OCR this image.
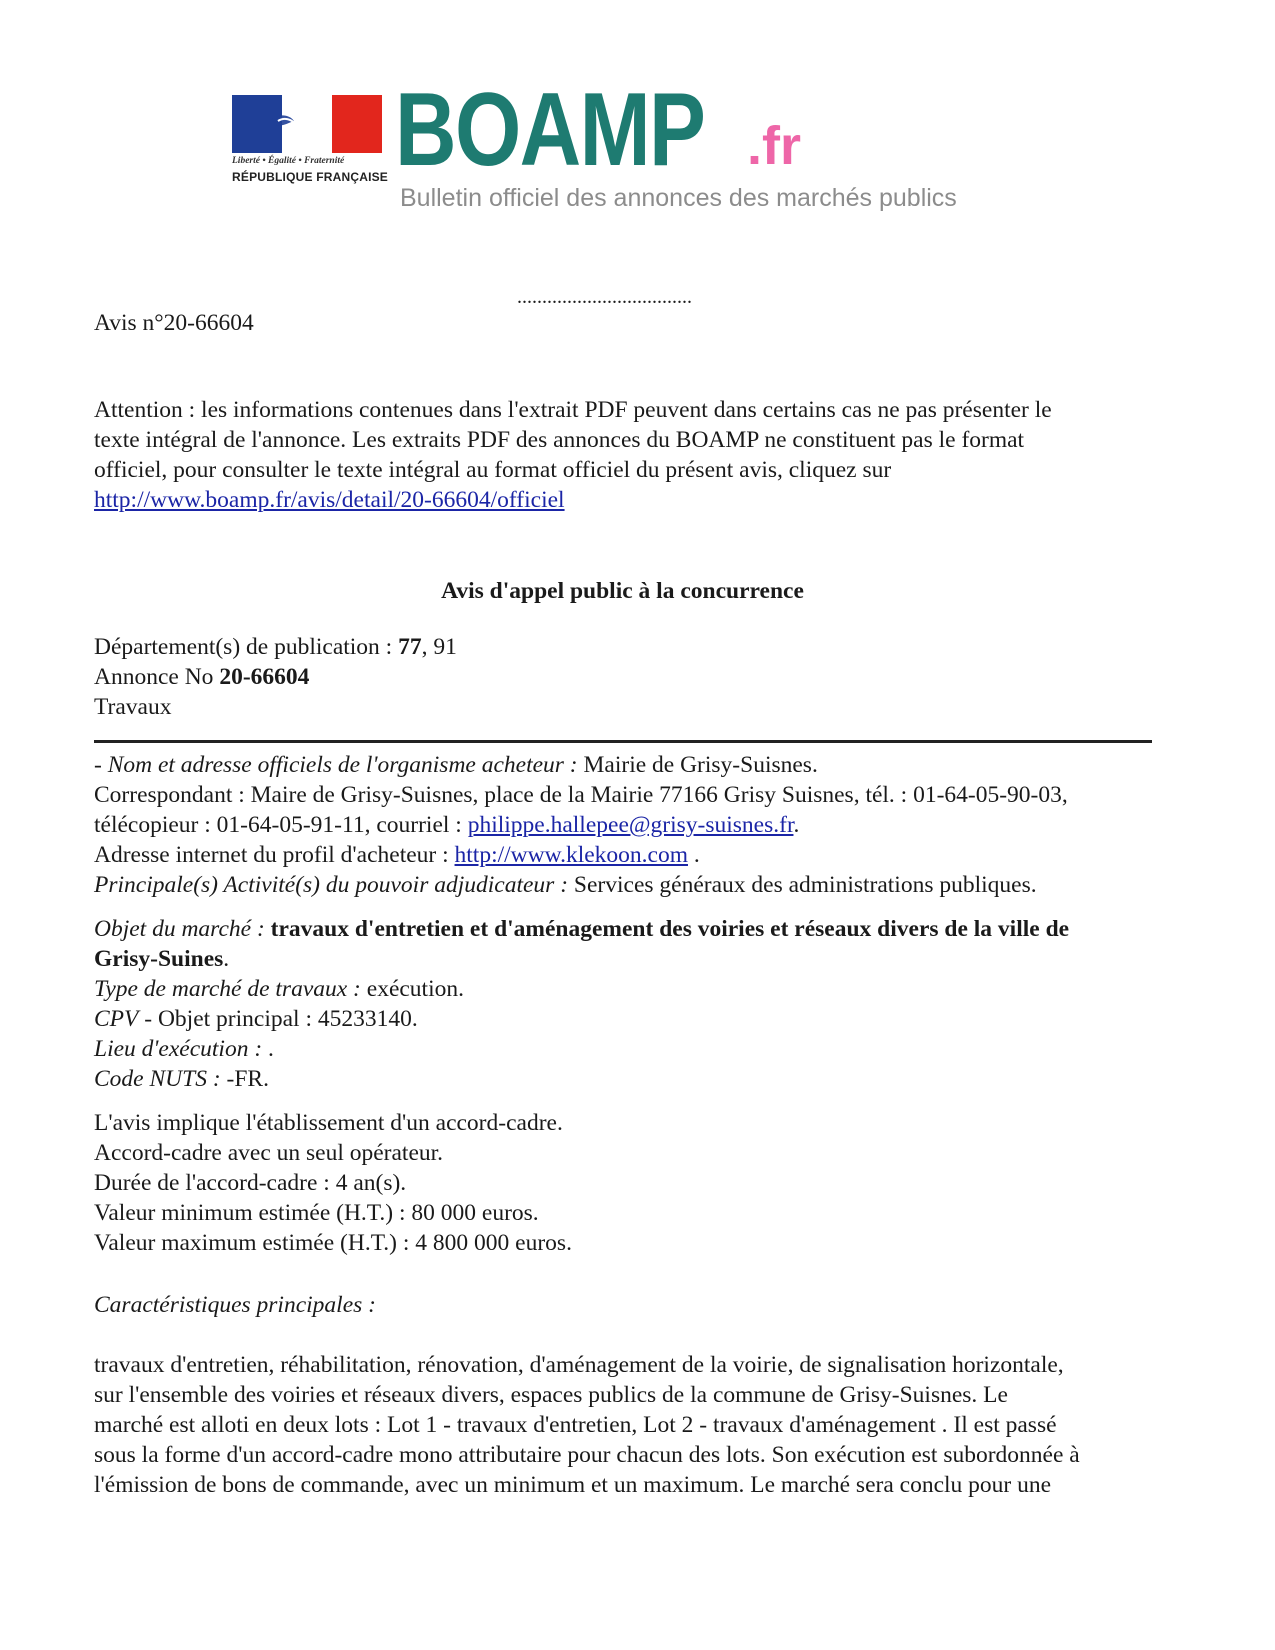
Liberté • Égalité • Fraternité
RÉPUBLIQUE FRANÇAISE BOAMP .fr
Bulletin officiel des annonces des marchés publics
...................................
Avis n°20-66604
Attention : les informations contenues dans l'extrait PDF peuvent dans certains cas ne pas présenter le
texte intégral de l'annonce. Les extraits PDF des annonces du BOAMP ne constituent pas le format
officiel, pour consulter le texte intégral au format officiel du présent avis, cliquez sur
http://www.boamp.fr/avis/detail/20-66604/officiel
Avis d'appel public à la concurrence
Département(s) de publication : 77, 91
Annonce No 20-66604
Travaux
- Nom et adresse officiels de l'organisme acheteur : Mairie de Grisy-Suisnes.
Correspondant : Maire de Grisy-Suisnes, place de la Mairie 77166 Grisy Suisnes, tél. : 01-64-05-90-03,
télécopieur : 01-64-05-91-11, courriel : philippe.hallepee@grisy-suisnes.fr.
Adresse internet du profil d'acheteur : http://www.klekoon.com .
Principale(s) Activité(s) du pouvoir adjudicateur : Services généraux des administrations publiques.
Objet du marché : travaux d'entretien et d'aménagement des voiries et réseaux divers de la ville de
Grisy-Suines.
Type de marché de travaux : exécution.
CPV - Objet principal : 45233140.
Lieu d'exécution : .
Code NUTS : -FR.
L'avis implique l'établissement d'un accord-cadre.
Accord-cadre avec un seul opérateur.
Durée de l'accord-cadre : 4 an(s).
Valeur minimum estimée (H.T.) : 80 000 euros.
Valeur maximum estimée (H.T.) : 4 800 000 euros.
Caractéristiques principales :
travaux d'entretien, réhabilitation, rénovation, d'aménagement de la voirie, de signalisation horizontale,
sur l'ensemble des voiries et réseaux divers, espaces publics de la commune de Grisy-Suisnes. Le
marché est alloti en deux lots : Lot 1 - travaux d'entretien, Lot 2 - travaux d'aménagement . Il est passé
sous la forme d'un accord-cadre mono attributaire pour chacun des lots. Son exécution est subordonnée à
l'émission de bons de commande, avec un minimum et un maximum. Le marché sera conclu pour une
